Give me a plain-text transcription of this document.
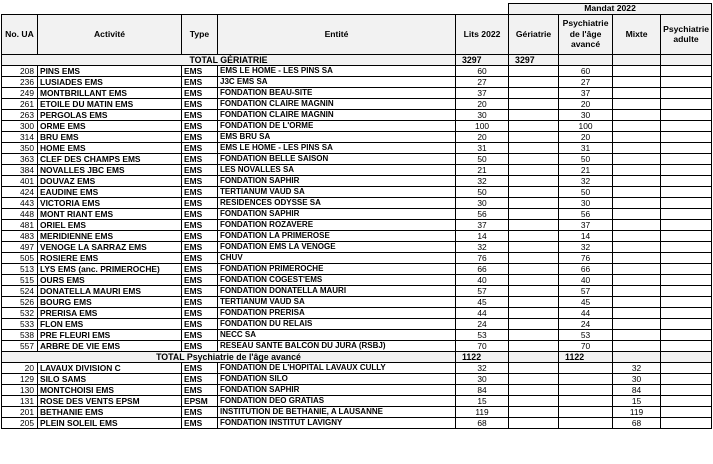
					Mandat 2022			
No. UA	Activité	Type	Entité	Lits 2022	Gériatrie	Psychiatrie de l'âge avancé	Mixte	Psychiatrie adulte
TOTAL GÉRIATRIE				3297	3297			
208	PINS EMS	EMS	EMS LE HOME - LES PINS SA	60		60		
236	LUSIADES EMS	EMS	J3C EMS SA	27		27		
249	MONTBRILLANT EMS	EMS	FONDATION BEAU-SITE	37		37		
261	ETOILE DU MATIN EMS	EMS	FONDATION CLAIRE MAGNIN	20		20		
263	PERGOLAS EMS	EMS	FONDATION CLAIRE MAGNIN	30		30		
300	ORME EMS	EMS	FONDATION DE L'ORME	100		100		
314	BRU EMS	EMS	EMS BRU SA	20		20		
350	HOME EMS	EMS	EMS LE HOME - LES PINS SA	31		31		
363	CLEF DES CHAMPS EMS	EMS	FONDATION BELLE SAISON	50		50		
384	NOVALLES JBC EMS	EMS	LES NOVALLES SA	21		21		
401	DOUVAZ EMS	EMS	FONDATION SAPHIR	32		32		
424	EAUDINE EMS	EMS	TERTIANUM VAUD SA	50		50		
443	VICTORIA EMS	EMS	RESIDENCES ODYSSE SA	30		30		
448	MONT RIANT EMS	EMS	FONDATION SAPHIR	56		56		
481	ORIEL EMS	EMS	FONDATION ROZAVERE	37		37		
483	MERIDIENNE EMS	EMS	FONDATION LA PRIMEROSE	14		14		
497	VENOGE LA SARRAZ EMS	EMS	FONDATION EMS LA VENOGE	32		32		
505	ROSIERE EMS	EMS	CHUV	76		76		
513	LYS EMS (anc. PRIMEROCHE)	EMS	FONDATION PRIMEROCHE	66		66		
515	OURS EMS	EMS	FONDATION COGEST'EMS	40		40		
524	DONATELLA MAURI EMS	EMS	FONDATION DONATELLA MAURI	57		57		
526	BOURG EMS	EMS	TERTIANUM VAUD SA	45		45		
532	PRERISA EMS	EMS	FONDATION PRERISA	44		44		
533	FLON EMS	EMS	FONDATION DU RELAIS	24		24		
538	PRE FLEURI EMS	EMS	NECC SA	53		53		
557	ARBRE DE VIE EMS	EMS	RESEAU SANTE BALCON DU JURA (RSBJ)	70		70		
TOTAL Psychiatrie de l'âge avancé				1122		1122		
20	LAVAUX DIVISION C	EMS	FONDATION DE L'HOPITAL LAVAUX CULLY	32			32	
129	SILO SAMS	EMS	FONDATION SILO	30			30	
130	MONTCHOISI EMS	EMS	FONDATION SAPHIR	84			84	
131	ROSE DES VENTS EPSM	EPSM	FONDATION DEO GRATIAS	15			15	
201	BETHANIE EMS	EMS	INSTITUTION DE BETHANIE, A LAUSANNE	119			119	
205	PLEIN SOLEIL EMS	EMS	FONDATION INSTITUT LAVIGNY	68			68	
